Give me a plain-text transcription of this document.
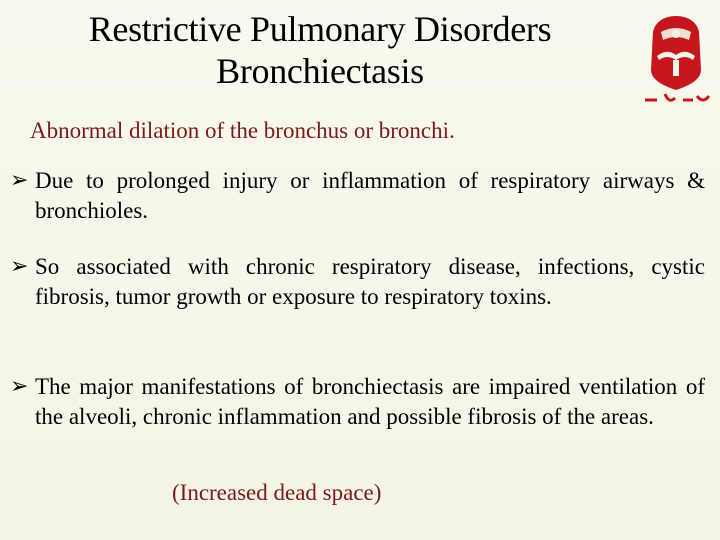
Restrictive Pulmonary Disorders
Bronchiectasis
Abnormal dilation of the bronchus or bronchi.
➢ Due to prolonged injury or inflammation of respiratory airways & bronchioles.
➢ So associated with chronic respiratory disease, infections, cystic fibrosis, tumor growth or exposure to respiratory toxins.
➢ The major manifestations of bronchiectasis are impaired ventilation of the alveoli, chronic inflammation and possible fibrosis of the areas.
(Increased dead space)
